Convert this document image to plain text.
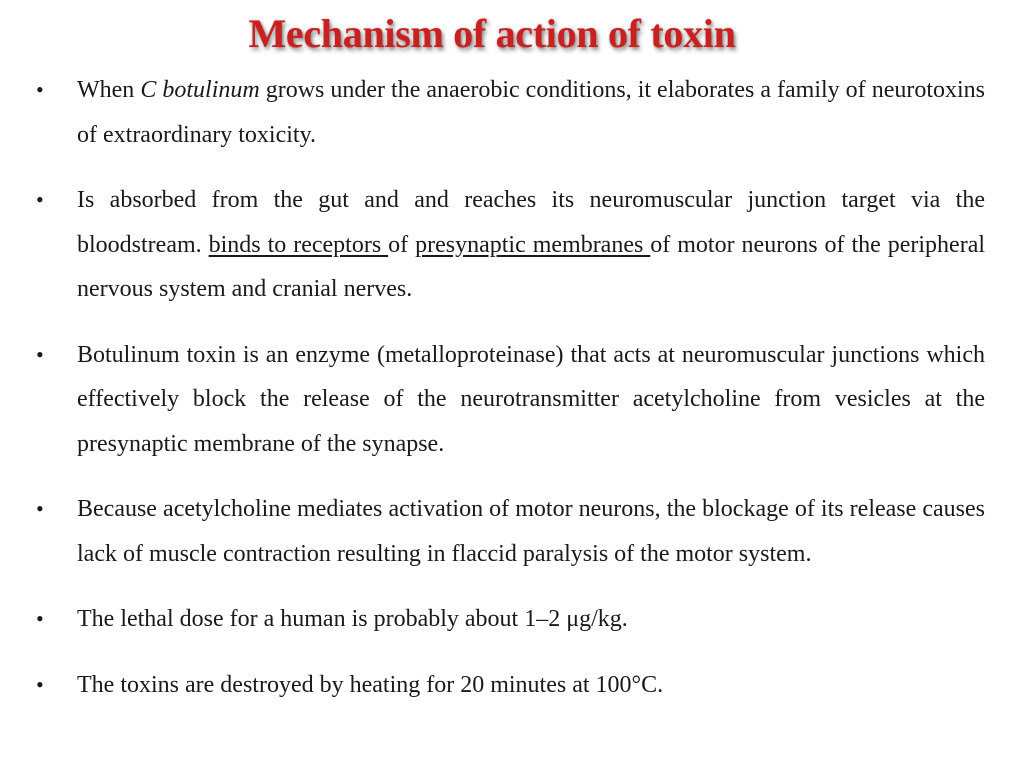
Mechanism of action of toxin
• When C botulinum grows under the anaerobic conditions, it elaborates a family of neurotoxins of extraordinary toxicity.
• Is absorbed from the gut and and reaches its neuromuscular junction target via the bloodstream. binds to receptors of presynaptic membranes of motor neurons of the peripheral nervous system and cranial nerves.
• Botulinum toxin is an enzyme (metalloproteinase) that acts at neuromuscular junctions which effectively block the release of the neurotransmitter acetylcholine from vesicles at the presynaptic membrane of the synapse.
• Because acetylcholine mediates activation of motor neurons, the blockage of its release causes lack of muscle contraction resulting in flaccid paralysis of the motor system.
• The lethal dose for a human is probably about 1–2 μg/kg.
• The toxins are destroyed by heating for 20 minutes at 100°C.
